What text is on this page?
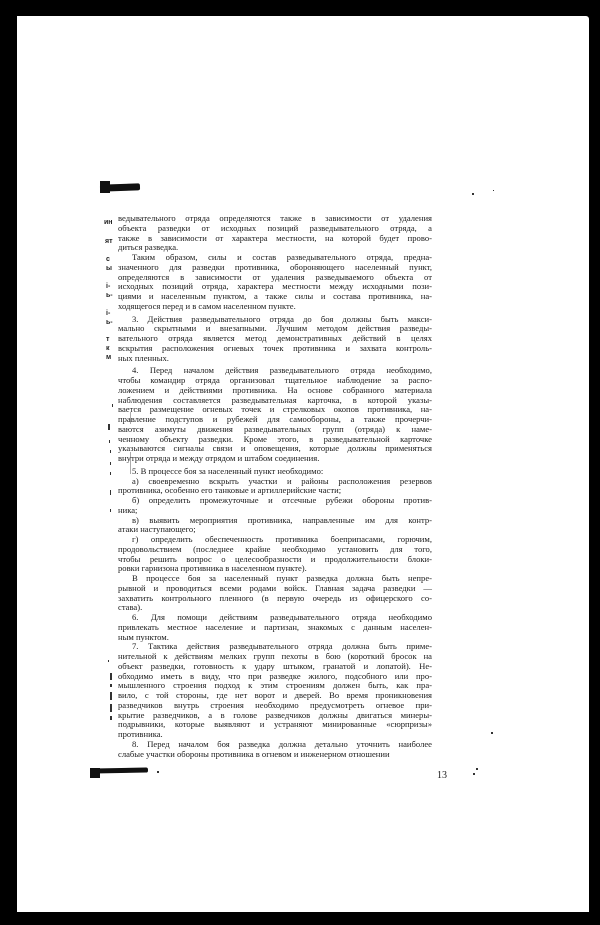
ин
ят
с
ы
і-
ь-
і-
ь-
т
к
м
ведывательного отряда определяются также в зависимости от удаления
объекта разведки от исходных позиций разведывательного отряда, а
также в зависимости от характера местности, на которой будет прово-
диться разведка.
Таким образом, силы и состав разведывательного отряда, предна-
значенного для разведки противника, обороняющего населенный пункт,
определяются в зависимости от удаления разведываемого объекта от
исходных позиций отряда, характера местности между исходными пози-
циями и населенным пунктом, а также силы и состава противника, на-
ходящегося перед и в самом населенном пункте.
3. Действия разведывательного отряда до боя должны быть макси-
мально скрытными и внезапными. Лучшим методом действия разведы-
вательного отряда является метод демонстративных действий в целях
вскрытия расположения огневых точек противника и захвата контроль-
ных пленных.
4. Перед началом действия разведывательного отряда необходимо,
чтобы командир отряда организовал тщательное наблюдение за распо-
ложением и действиями противника. На основе собранного материала
наблюдения составляется разведывательная карточка, в которой указы-
вается размещение огневых точек и стрелковых окопов противника, на-
правление подступов и рубежей для самообороны, а также прочерчи-
ваются азимуты движения разведывательных групп (отряда) к наме-
ченному объекту разведки. Кроме этого, в разведывательной карточке
указываются сигналы связи и оповещения, которые должны применяться
внутри отряда и между отрядом и штабом соединения.
5. В процессе боя за населенный пункт необходимо:
а) своевременно вскрыть участки и районы расположения резервов
противника, особенно его танковые и артиллерийские части;
б) определить промежуточные и отсечные рубежи обороны против-
ника;
в) выявить мероприятия противника, направленные им для контр-
атаки наступающего;
г) определить обеспеченность противника боеприпасами, горючим,
продовольствием (последнее крайне необходимо установить для того,
чтобы решить вопрос о целесообразности и продолжительности блоки-
ровки гарнизона противника в населенном пункте).
В процессе боя за населенный пункт разведка должна быть непре-
рывной и проводиться всеми родами войск. Главная задача разведки —
захватить контрольного пленного (в первую очередь из офицерского со-
става).
6. Для помощи действиям разведывательного отряда необходимо
привлекать местное население и партизан, знакомых с данным населен-
ным пунктом.
7. Тактика действия разведывательного отряда должна быть приме-
нительной к действиям мелких групп пехоты в бою (короткий бросок на
объект разведки, готовность к удару штыком, гранатой и лопатой). Не-
обходимо иметь в виду, что при разведке жилого, подсобного или про-
мышленного строения подход к этим строениям должен быть, как пра-
вило, с той стороны, где нет ворот и дверей. Во время проникновения
разведчиков внутрь строения необходимо предусмотреть огневое при-
крытие разведчиков, а в голове разведчиков должны двигаться минеры-
подрывники, которые выявляют и устраняют минированные «сюрпризы»
противника.
8. Перед началом боя разведка должна детально уточнить наиболее
слабые участки обороны противника в огневом и инженерном отношении
13
